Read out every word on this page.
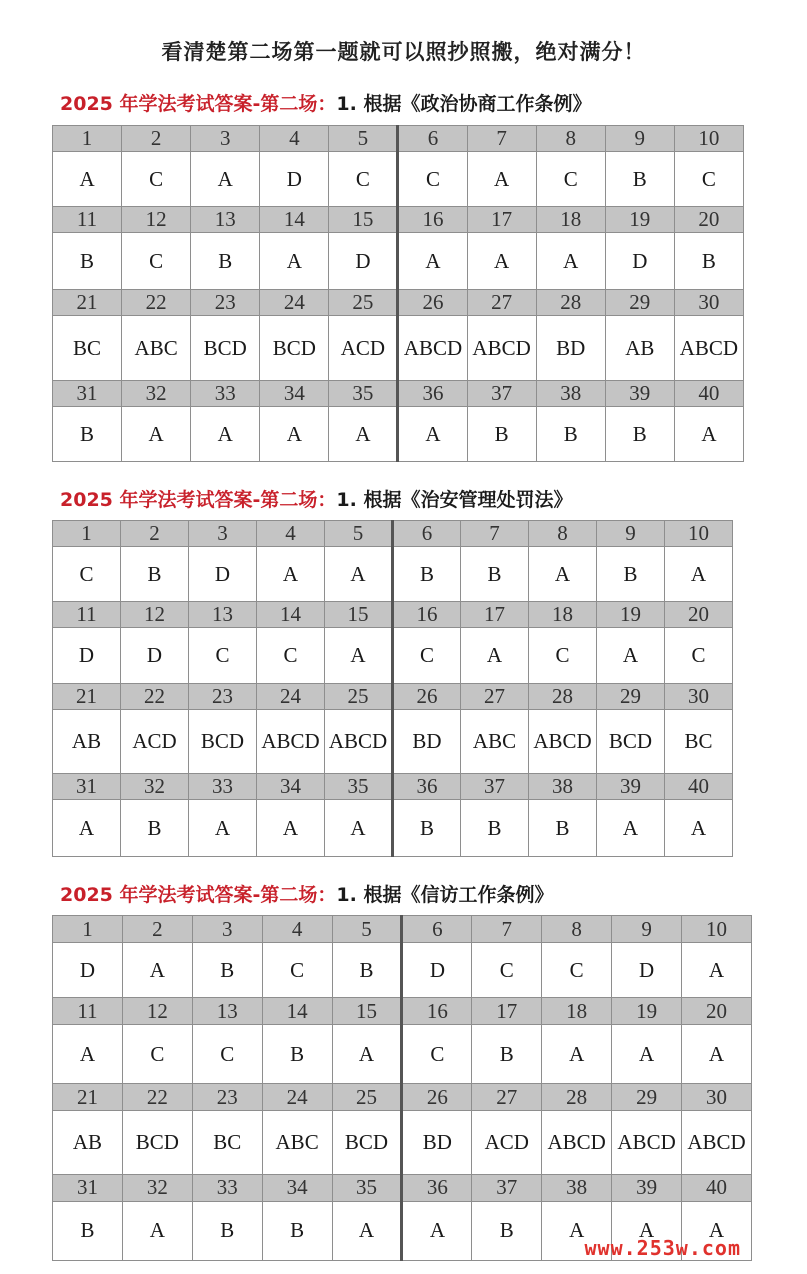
看清楚第二场第一题就可以照抄照搬，绝对满分！
2025 年学法考试答案-第二场：1. 根据《政治协商工作条例》
1	2	3	4	5	6	7	8	9	10
A	C	A	D	C	C	A	C	B	C
11	12	13	14	15	16	17	18	19	20
B	C	B	A	D	A	A	A	D	B
21	22	23	24	25	26	27	28	29	30
BC	ABC	BCD	BCD	ACD	ABCD	ABCD	BD	AB	ABCD
31	32	33	34	35	36	37	38	39	40
B	A	A	A	A	A	B	B	B	A
2025 年学法考试答案-第二场：1. 根据《治安管理处罚法》
1	2	3	4	5	6	7	8	9	10
C	B	D	A	A	B	B	A	B	A
11	12	13	14	15	16	17	18	19	20
D	D	C	C	A	C	A	C	A	C
21	22	23	24	25	26	27	28	29	30
AB	ACD	BCD	ABCD	ABCD	BD	ABC	ABCD	BCD	BC
31	32	33	34	35	36	37	38	39	40
A	B	A	A	A	B	B	B	A	A
2025 年学法考试答案-第二场：1. 根据《信访工作条例》
1	2	3	4	5	6	7	8	9	10
D	A	B	C	B	D	C	C	D	A
11	12	13	14	15	16	17	18	19	20
A	C	C	B	A	C	B	A	A	A
21	22	23	24	25	26	27	28	29	30
AB	BCD	BC	ABC	BCD	BD	ACD	ABCD	ABCD	ABCD
31	32	33	34	35	36	37	38	39	40
B	A	B	B	A	A	B	A	A	A
www.253w.com
